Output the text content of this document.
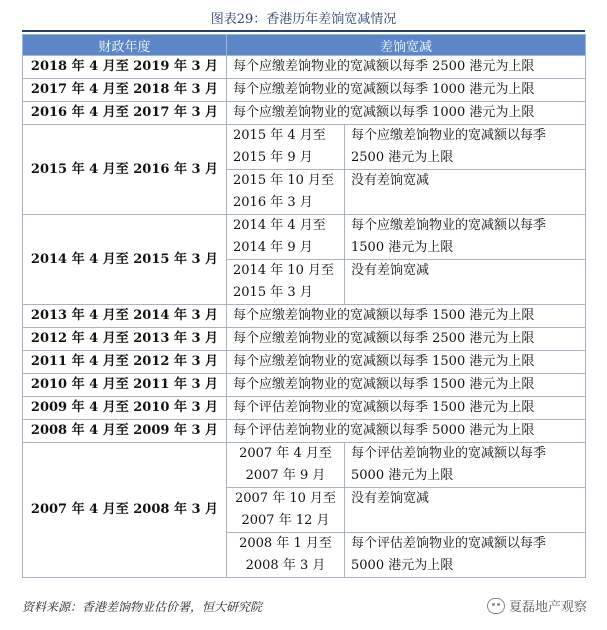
图表29：香港历年差饷宽减情况
财政年度	差饷宽减	
2018 年 4 月至 2019 年 3 月	每个应缴差饷物业的宽减额以每季 2500 港元为上限	
2017 年 4 月至 2018 年 3 月	每个应缴差饷物业的宽减额以每季 1000 港元为上限	
2016 年 4 月至 2017 年 3 月	每个应缴差饷物业的宽减额以每季 1000 港元为上限	
2015 年 4 月至 2016 年 3 月	2015 年 4 月至 2015 年 9 月	每个应缴差饷物业的宽减额以每季 2500 港元为上限
	2015 年 10 月至 2016 年 3 月	没有差饷宽减
2014 年 4 月至 2015 年 3 月	2014 年 4 月至 2014 年 9 月	每个应缴差饷物业的宽减额以每季 1500 港元为上限
	2014 年 10 月至 2015 年 3 月	没有差饷宽减
2013 年 4 月至 2014 年 3 月	每个应缴差饷物业的宽减额以每季 1500 港元为上限	
2012 年 4 月至 2013 年 3 月	每个应缴差饷物业的宽减额以每季 2500 港元为上限	
2011 年 4 月至 2012 年 3 月	每个应缴差饷物业的宽减额以每季 1500 港元为上限	
2010 年 4 月至 2011 年 3 月	每个应缴差饷物业的宽减额以每季 1500 港元为上限	
2009 年 4 月至 2010 年 3 月	每个评估差饷物业的宽减额以每季 1500 港元为上限	
2008 年 4 月至 2009 年 3 月	每个评估差饷物业的宽减额以每季 5000 港元为上限	
2007 年 4 月至 2008 年 3 月	2007 年 4 月至 2007 年 9 月	每个评估差饷物业的宽减额以每季 5000 港元为上限
	2007 年 10 月至 2007 年 12 月	没有差饷宽减
	2008 年 1 月至 2008 年 3 月	每个评估差饷物业的宽减额以每季 5000 港元为上限
资料来源：香港差饷物业估价署，恒大研究院	夏磊地产观察
